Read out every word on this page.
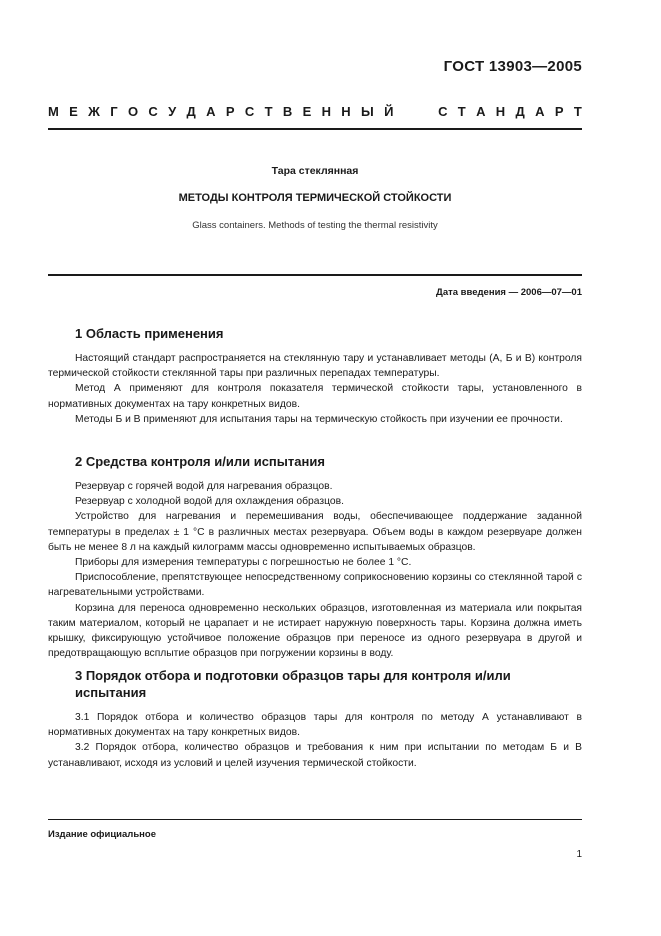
ГОСТ 13903—2005
М Е Ж Г О С У Д А Р С Т В Е Н Н Ы Й	С Т А Н Д А Р Т
Тара стеклянная
МЕТОДЫ КОНТРОЛЯ ТЕРМИЧЕСКОЙ СТОЙКОСТИ
Glass containers. Methods of testing the thermal resistivity
Дата введения — 2006—07—01
1 Область применения

Настоящий стандарт распространяется на стеклянную тару и устанавливает методы (А, Б и В) контроля термической стойкости стеклянной тары при различных перепадах температуры.

Метод А применяют для контроля показателя термической стойкости тары, установленного в нормативных документах на тару конкретных видов.

Методы Б и В применяют для испытания тары на термическую стойкость при изучении ее прочности.

2 Средства контроля и/или испытания

Резервуар с горячей водой для нагревания образцов.

Резервуар с холодной водой для охлаждения образцов.

Устройство для нагревания и перемешивания воды, обеспечивающее поддержание заданной температуры в пределах ± 1 °С в различных местах резервуара. Объем воды в каждом резервуаре должен быть не менее 8 л на каждый килограмм массы одновременно испытываемых образцов.

Приборы для измерения температуры с погрешностью не более 1 °С.

Приспособление, препятствующее непосредственному соприкосновению корзины со стеклянной тарой с нагревательными устройствами.

Корзина для переноса одновременно нескольких образцов, изготовленная из материала или покрытая таким материалом, который не царапает и не истирает наружную поверхность тары. Корзина должна иметь крышку, фиксирующую устойчивое положение образцов при переносе из одного резервуара в другой и предотвращающую всплытие образцов при погружении корзины в воду.

3 Порядок отбора и подготовки образцов тары для контроля и/или испытания

3.1 Порядок отбора и количество образцов тары для контроля по методу А устанавливают в нормативных документах на тару конкретных видов.

3.2 Порядок отбора, количество образцов и требования к ним при испытании по методам Б и В устанавливают, исходя из условий и целей изучения термической стойкости.

Издание официальное
1
